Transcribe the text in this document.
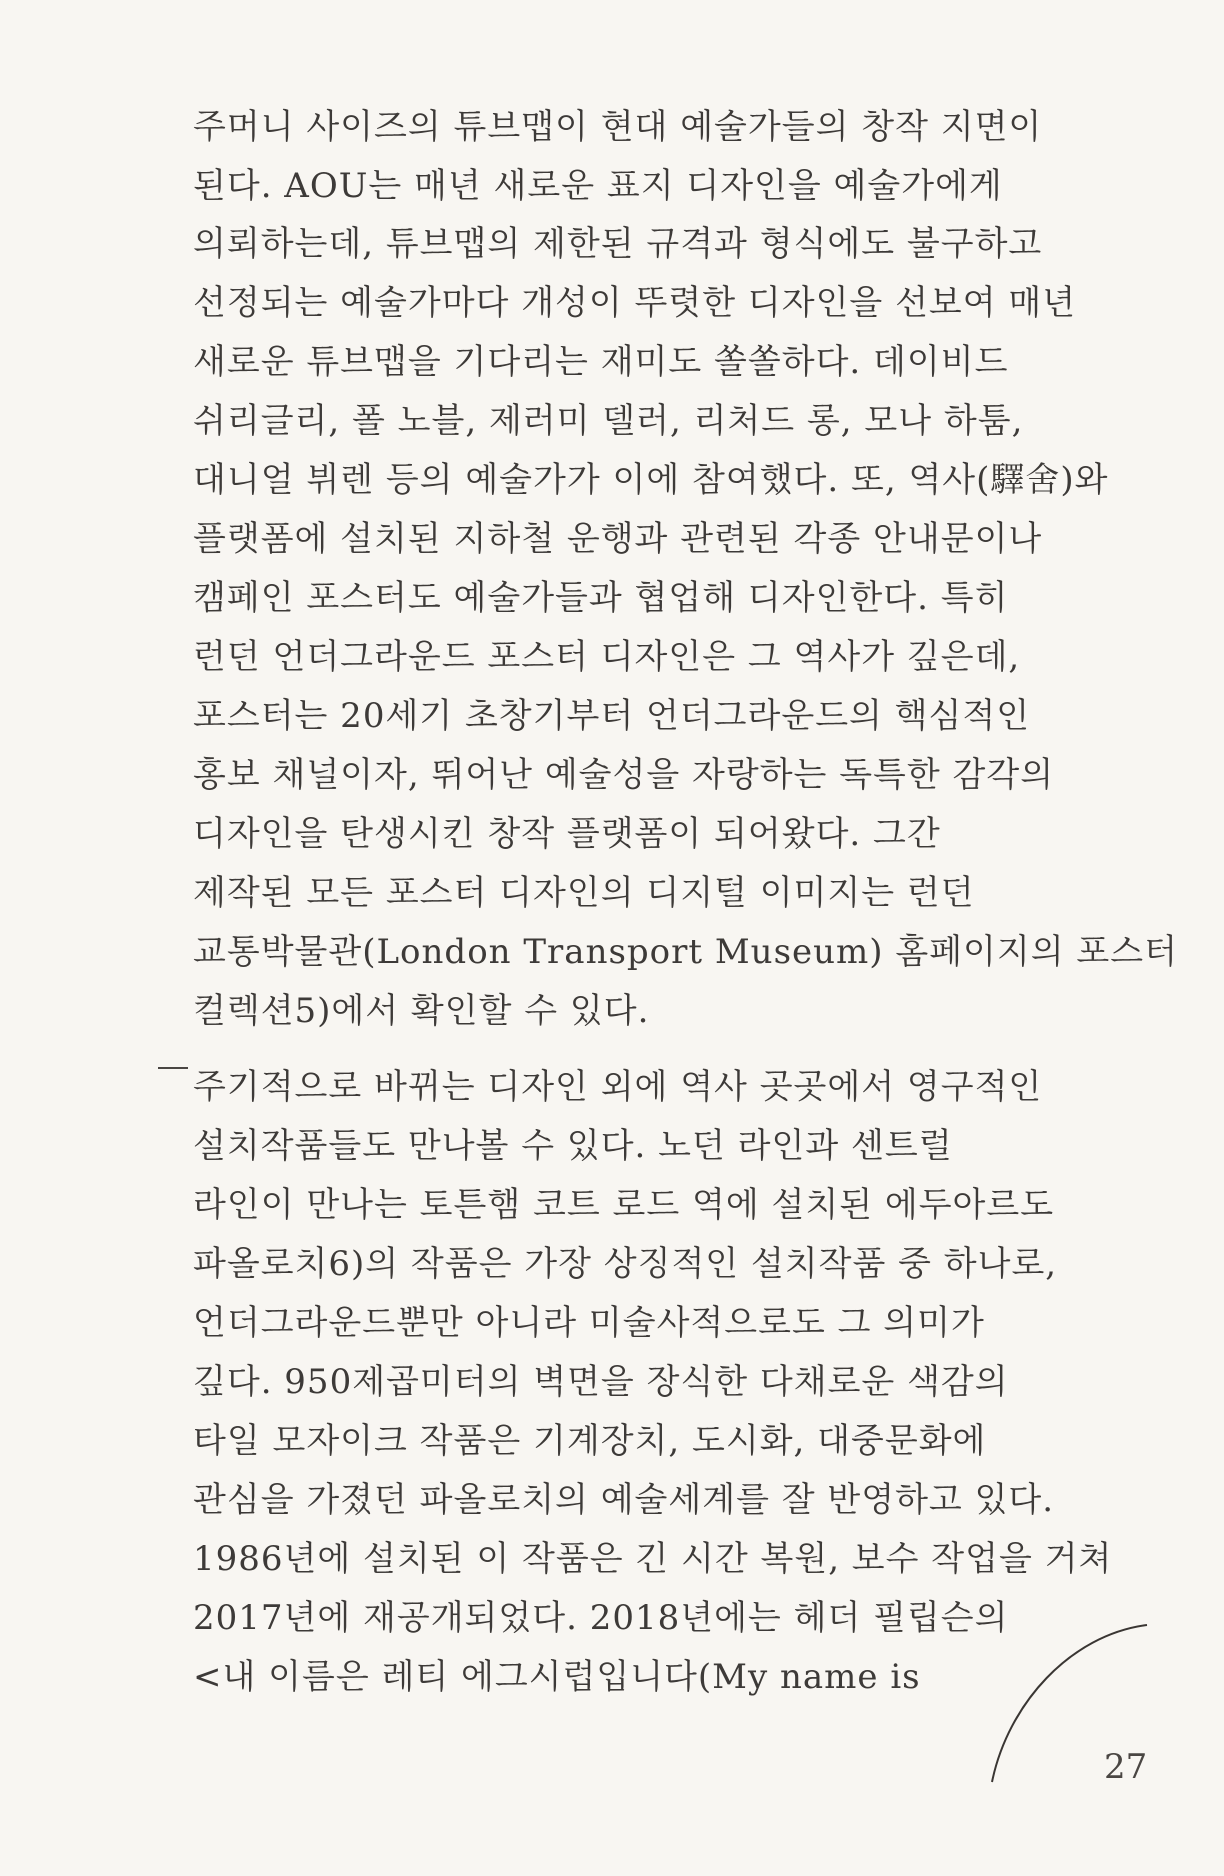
주머니 사이즈의 튜브맵이 현대 예술가들의 창작 지면이
된다. AOU는 매년 새로운 표지 디자인을 예술가에게
의뢰하는데, 튜브맵의 제한된 규격과 형식에도 불구하고
선정되는 예술가마다 개성이 뚜렷한 디자인을 선보여 매년
새로운 튜브맵을 기다리는 재미도 쏠쏠하다. 데이비드
쉬리글리, 폴 노블, 제러미 델러, 리처드 롱, 모나 하툼,
대니얼 뷔렌 등의 예술가가 이에 참여했다. 또, 역사(驛舍)와
플랫폼에 설치된 지하철 운행과 관련된 각종 안내문이나
캠페인 포스터도 예술가들과 협업해 디자인한다. 특히
런던 언더그라운드 포스터 디자인은 그 역사가 깊은데,
포스터는 20세기 초창기부터 언더그라운드의 핵심적인
홍보 채널이자, 뛰어난 예술성을 자랑하는 독특한 감각의
디자인을 탄생시킨 창작 플랫폼이 되어왔다. 그간
제작된 모든 포스터 디자인의 디지털 이미지는 런던
교통박물관(London Transport Museum) 홈페이지의 포스터
컬렉션5)에서 확인할 수 있다.
주기적으로 바뀌는 디자인 외에 역사 곳곳에서 영구적인
설치작품들도 만나볼 수 있다. 노던 라인과 센트럴
라인이 만나는 토튼햄 코트 로드 역에 설치된 에두아르도
파올로치6)의 작품은 가장 상징적인 설치작품 중 하나로,
언더그라운드뿐만 아니라 미술사적으로도 그 의미가
깊다. 950제곱미터의 벽면을 장식한 다채로운 색감의
타일 모자이크 작품은 기계장치, 도시화, 대중문화에
관심을 가졌던 파올로치의 예술세계를 잘 반영하고 있다.
1986년에 설치된 이 작품은 긴 시간 복원, 보수 작업을 거쳐
2017년에 재공개되었다. 2018년에는 헤더 필립슨의
<내 이름은 레티 에그시럽입니다(My name is
27
